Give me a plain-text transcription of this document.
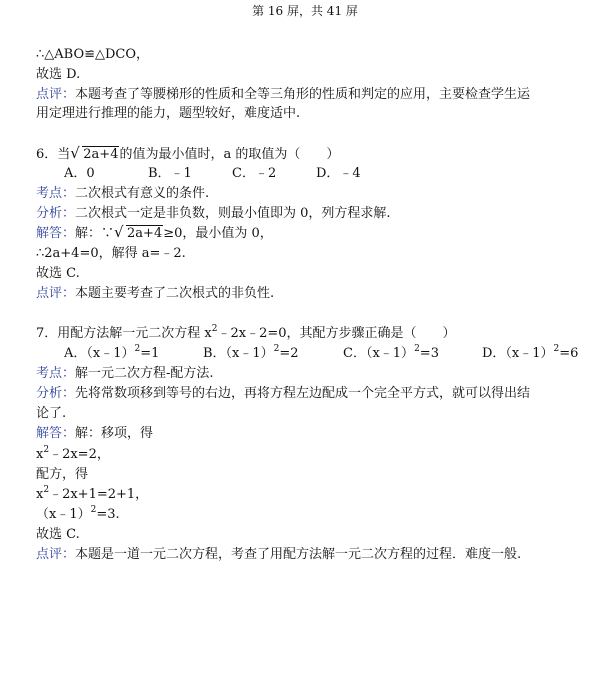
第 16 屏，共 41 屏
∴△ABO≌△DCO，
故选 D.
点评：本题考查了等腰梯形的性质和全等三角形的性质和判定的应用，主要检查学生运
用定理进行推理的能力，题型较好，难度适中.
6．当 √ 2a+4的值为最小值时，a 的取值为（　　）
A．0	B．﹣1	C．﹣2	D．﹣4
考点：二次根式有意义的条件.
分析：二次根式一定是非负数，则最小值即为 0，列方程求解.
解答：解：∵ √ 2a+4≥0，最小值为 0，
∴2a+4=0，解得 a=﹣2.
故选 C.
点评：本题主要考查了二次根式的非负性.
7．用配方法解一元二次方程 $x^2﹣2x﹣2=0$，其配方步骤正确是（　　）
A．（x﹣1）$^2$=1	B．（x﹣1）$^2$=2	C．（x﹣1）$^2$=3	D．（x﹣1）$^2$=6
考点：解一元二次方程-配方法.
分析：先将常数项移到等号的右边，再将方程左边配成一个完全平方式，就可以得出结
论了.
解答：解：移项，得
$x^2﹣2x=2$，
配方，得
$x^2﹣2x+1=2+1$，
（x﹣1）$^2$=3.
故选 C.
点评：本题是一道一元二次方程，考查了用配方法解一元二次方程的过程．难度一般.
